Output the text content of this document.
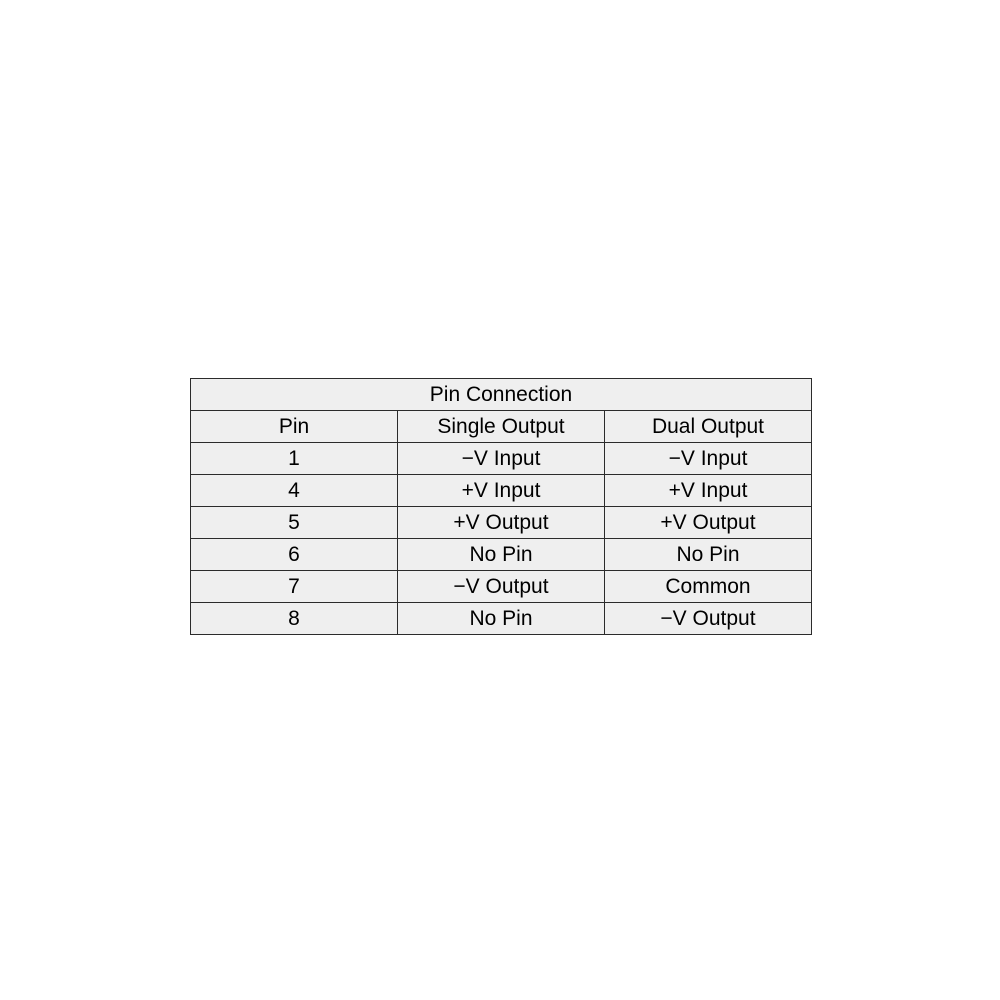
Pin Connection		
Pin	Single Output	Dual Output
1	−V Input	−V Input
4	+V Input	+V Input
5	+V Output	+V Output
6	No Pin	No Pin
7	−V Output	Common
8	No Pin	−V Output
